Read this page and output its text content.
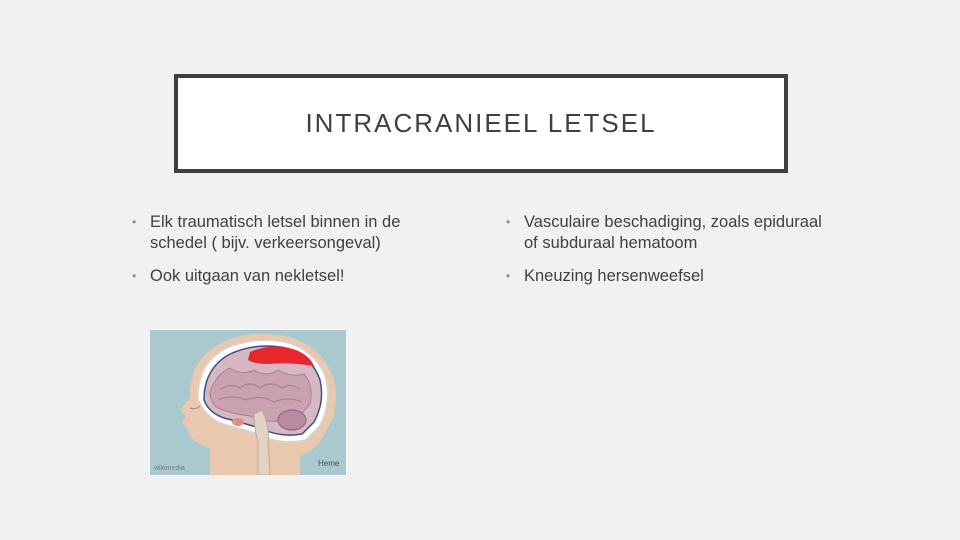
INTRACRANIEEL LETSEL
• Elk traumatisch letsel binnen in de schedel ( bijv. verkeersongeval)
• Ook uitgaan van nekletsel!
• Vasculaire beschadiging, zoals epiduraal of subduraal hematoom
• Kneuzing hersenweefsel
wikimedia
Heme
